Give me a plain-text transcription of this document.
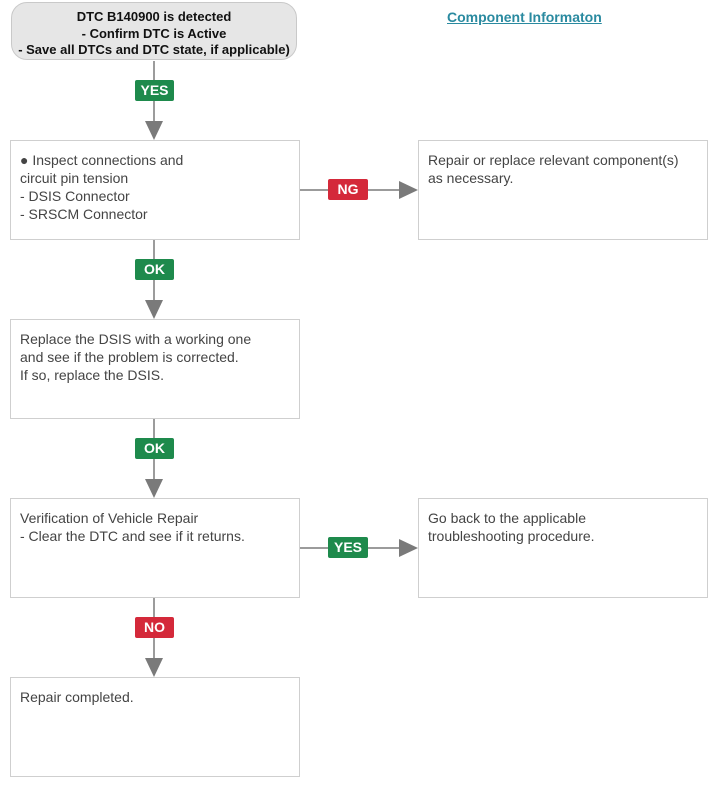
DTC B140900 is detected
- Confirm DTC is Active
- Save all DTCs and DTC state, if applicable)
Component Informaton
YES
● Inspect connections and
circuit pin tension
- DSIS Connector
- SRSCM Connector
NG
Repair or replace relevant component(s)
as necessary.
OK
Replace the DSIS with a working one
and see if the problem is corrected.
If so, replace the DSIS.
OK
Verification of Vehicle Repair
- Clear the DTC and see if it returns.
YES
Go back to the applicable
troubleshooting procedure.
NO
Repair completed.
